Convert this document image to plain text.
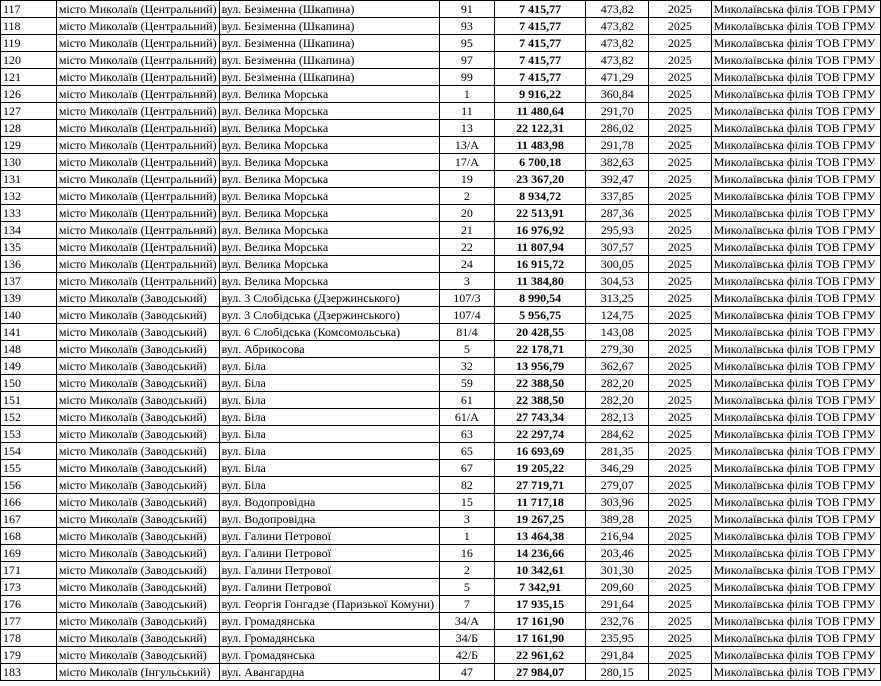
117	місто Миколаїв (Центральний)	вул. Безіменна (Шкапина)	91	7 415,77	473,82	2025	Миколаївська філія ТОВ ГРМУ
118	місто Миколаїв (Центральний)	вул. Безіменна (Шкапина)	93	7 415,77	473,82	2025	Миколаївська філія ТОВ ГРМУ
119	місто Миколаїв (Центральний)	вул. Безіменна (Шкапина)	95	7 415,77	473,82	2025	Миколаївська філія ТОВ ГРМУ
120	місто Миколаїв (Центральний)	вул. Безіменна (Шкапина)	97	7 415,77	473,82	2025	Миколаївська філія ТОВ ГРМУ
121	місто Миколаїв (Центральний)	вул. Безіменна (Шкапина)	99	7 415,77	471,29	2025	Миколаївська філія ТОВ ГРМУ
126	місто Миколаїв (Центральний)	вул. Велика Морська	1	9 916,22	360,84	2025	Миколаївська філія ТОВ ГРМУ
127	місто Миколаїв (Центральний)	вул. Велика Морська	11	11 480,64	291,70	2025	Миколаївська філія ТОВ ГРМУ
128	місто Миколаїв (Центральний)	вул. Велика Морська	13	22 122,31	286,02	2025	Миколаївська філія ТОВ ГРМУ
129	місто Миколаїв (Центральний)	вул. Велика Морська	13/А	11 483,98	291,78	2025	Миколаївська філія ТОВ ГРМУ
130	місто Миколаїв (Центральний)	вул. Велика Морська	17/А	6 700,18	382,63	2025	Миколаївська філія ТОВ ГРМУ
131	місто Миколаїв (Центральний)	вул. Велика Морська	19	23 367,20	392,47	2025	Миколаївська філія ТОВ ГРМУ
132	місто Миколаїв (Центральний)	вул. Велика Морська	2	8 934,72	337,85	2025	Миколаївська філія ТОВ ГРМУ
133	місто Миколаїв (Центральний)	вул. Велика Морська	20	22 513,91	287,36	2025	Миколаївська філія ТОВ ГРМУ
134	місто Миколаїв (Центральний)	вул. Велика Морська	21	16 976,92	295,93	2025	Миколаївська філія ТОВ ГРМУ
135	місто Миколаїв (Центральний)	вул. Велика Морська	22	11 807,94	307,57	2025	Миколаївська філія ТОВ ГРМУ
136	місто Миколаїв (Центральний)	вул. Велика Морська	24	16 915,72	300,05	2025	Миколаївська філія ТОВ ГРМУ
137	місто Миколаїв (Центральний)	вул. Велика Морська	3	11 384,80	304,53	2025	Миколаївська філія ТОВ ГРМУ
139	місто Миколаїв (Заводський)	вул. 3 Слобідська (Дзержинського)	107/3	8 990,54	313,25	2025	Миколаївська філія ТОВ ГРМУ
140	місто Миколаїв (Заводський)	вул. 3 Слобідська (Дзержинського)	107/4	5 956,75	124,75	2025	Миколаївська філія ТОВ ГРМУ
141	місто Миколаїв (Заводський)	вул. 6 Слобідська (Комсомольська)	81/4	20 428,55	143,08	2025	Миколаївська філія ТОВ ГРМУ
148	місто Миколаїв (Заводський)	вул. Абрикосова	5	22 178,71	279,30	2025	Миколаївська філія ТОВ ГРМУ
149	місто Миколаїв (Заводський)	вул. Біла	32	13 956,79	362,67	2025	Миколаївська філія ТОВ ГРМУ
150	місто Миколаїв (Заводський)	вул. Біла	59	22 388,50	282,20	2025	Миколаївська філія ТОВ ГРМУ
151	місто Миколаїв (Заводський)	вул. Біла	61	22 388,50	282,20	2025	Миколаївська філія ТОВ ГРМУ
152	місто Миколаїв (Заводський)	вул. Біла	61/А	27 743,34	282,13	2025	Миколаївська філія ТОВ ГРМУ
153	місто Миколаїв (Заводський)	вул. Біла	63	22 297,74	284,62	2025	Миколаївська філія ТОВ ГРМУ
154	місто Миколаїв (Заводський)	вул. Біла	65	16 693,69	281,35	2025	Миколаївська філія ТОВ ГРМУ
155	місто Миколаїв (Заводський)	вул. Біла	67	19 205,22	346,29	2025	Миколаївська філія ТОВ ГРМУ
156	місто Миколаїв (Заводський)	вул. Біла	82	27 719,71	279,07	2025	Миколаївська філія ТОВ ГРМУ
166	місто Миколаїв (Заводський)	вул. Водопровідна	15	11 717,18	303,96	2025	Миколаївська філія ТОВ ГРМУ
167	місто Миколаїв (Заводський)	вул. Водопровідна	3	19 267,25	389,28	2025	Миколаївська філія ТОВ ГРМУ
168	місто Миколаїв (Заводський)	вул. Галини Петрової	1	13 464,38	216,94	2025	Миколаївська філія ТОВ ГРМУ
169	місто Миколаїв (Заводський)	вул. Галини Петрової	16	14 236,66	203,46	2025	Миколаївська філія ТОВ ГРМУ
171	місто Миколаїв (Заводський)	вул. Галини Петрової	2	10 342,61	301,30	2025	Миколаївська філія ТОВ ГРМУ
173	місто Миколаїв (Заводський)	вул. Галини Петрової	5	7 342,91	209,60	2025	Миколаївська філія ТОВ ГРМУ
176	місто Миколаїв (Заводський)	вул. Георгія Гонгадзе (Паризької Комуни)	7	17 935,15	291,64	2025	Миколаївська філія ТОВ ГРМУ
177	місто Миколаїв (Заводський)	вул. Громадянська	34/А	17 161,90	232,76	2025	Миколаївська філія ТОВ ГРМУ
178	місто Миколаїв (Заводський)	вул. Громадянська	34/Б	17 161,90	235,95	2025	Миколаївська філія ТОВ ГРМУ
179	місто Миколаїв (Заводський)	вул. Громадянська	42/Б	22 961,62	291,84	2025	Миколаївська філія ТОВ ГРМУ
183	місто Миколаїв (Інгульський)	вул. Авангардна	47	27 984,07	280,15	2025	Миколаївська філія ТОВ ГРМУ
